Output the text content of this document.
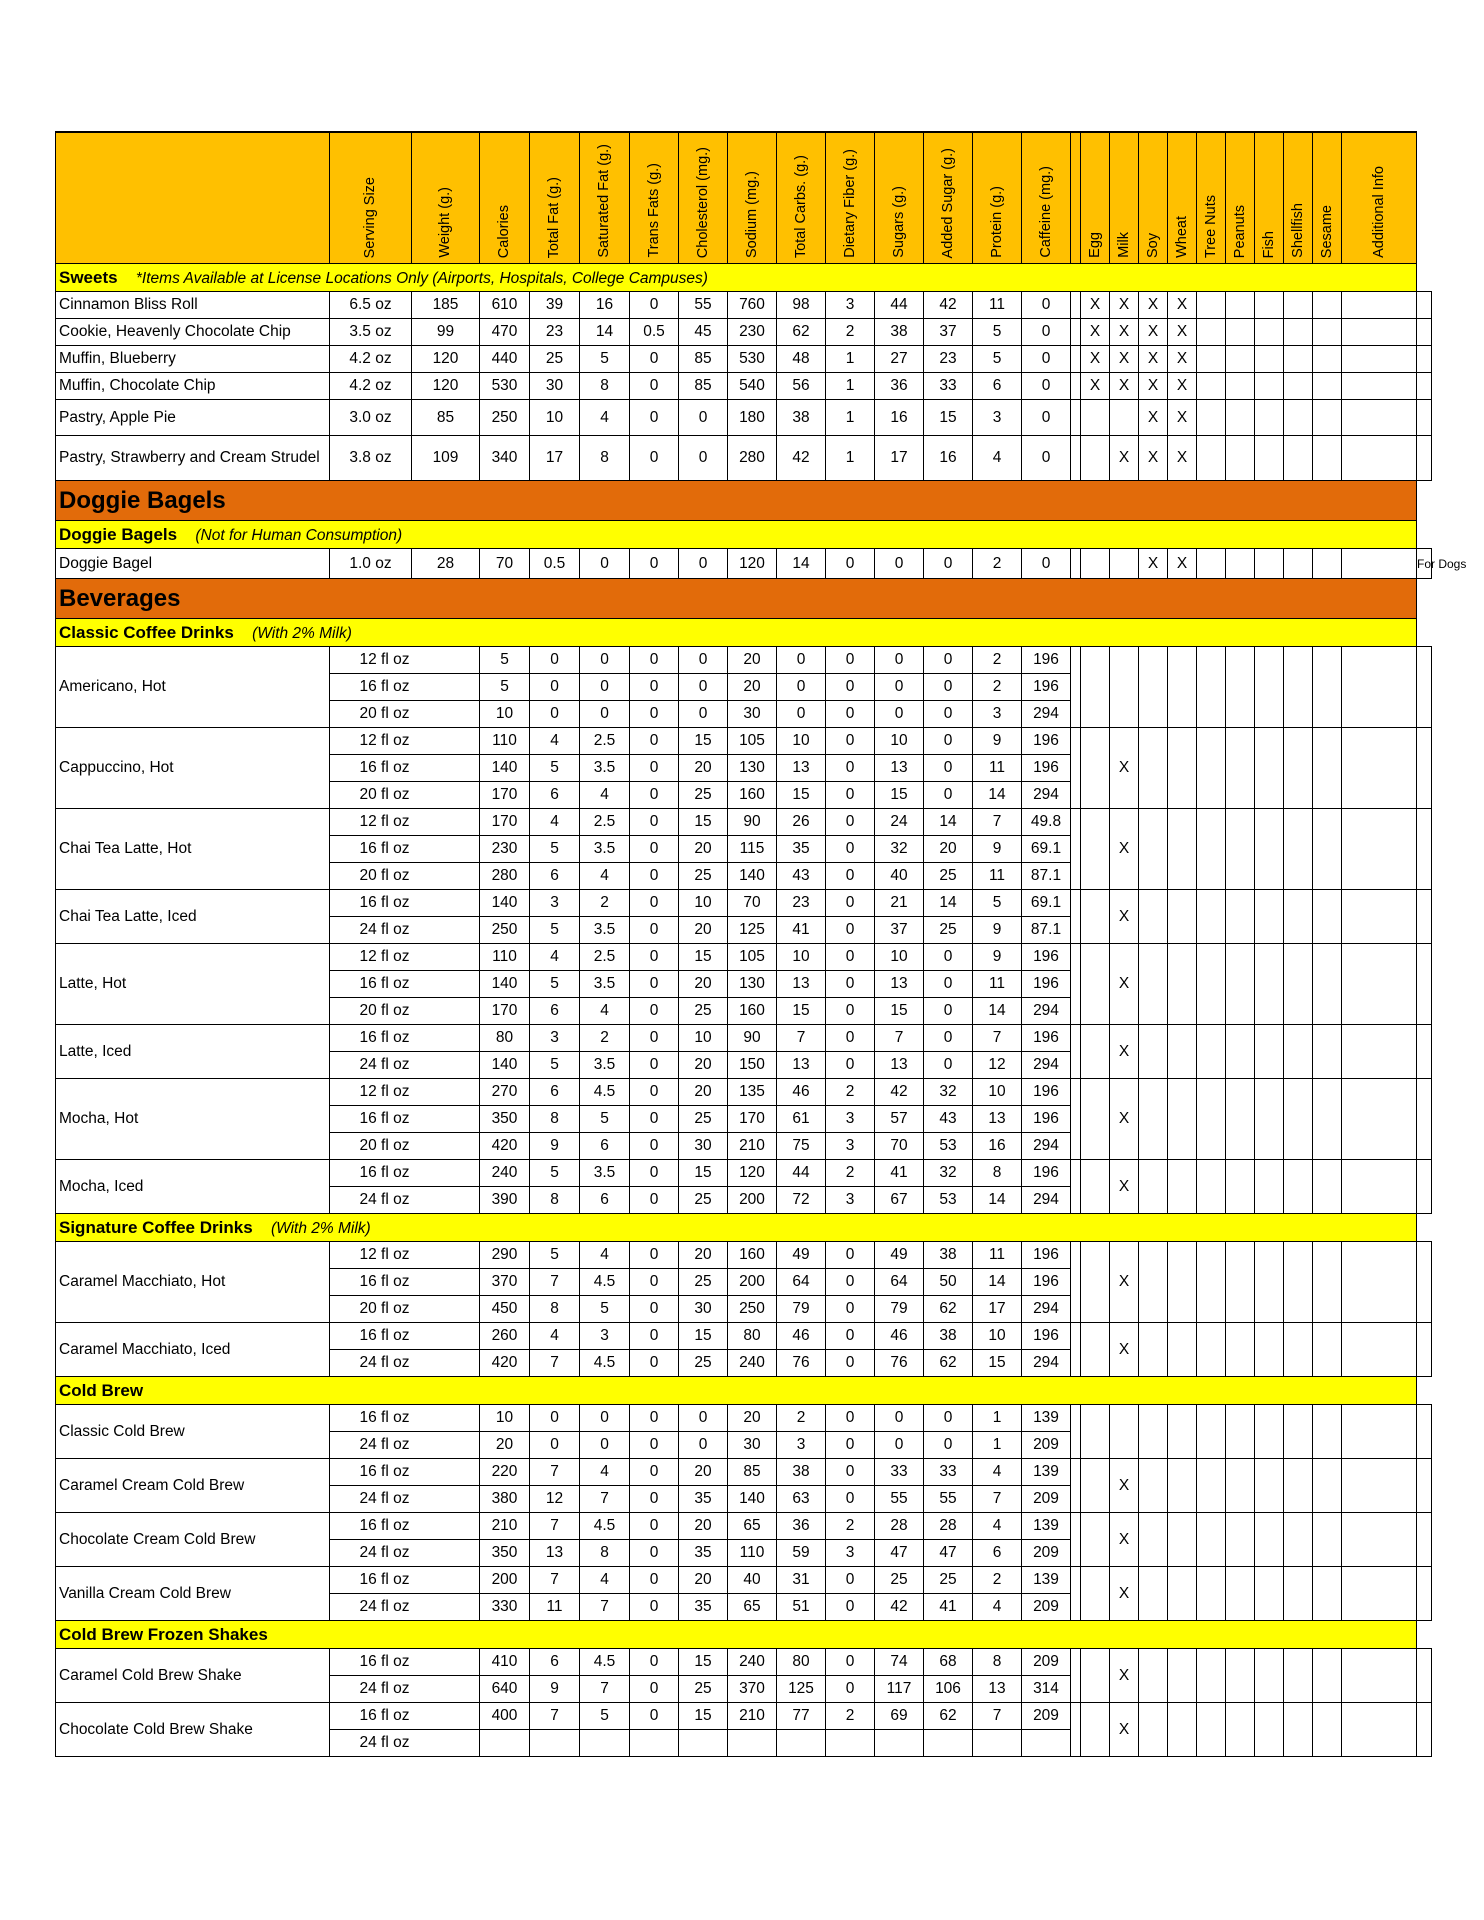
	Serving Size	Weight (g.)	Calories	Total Fat (g.)	Saturated Fat (g.)	Trans Fats (g.)	Cholesterol (mg.)	Sodium (mg.)	Total Carbs. (g.)	Dietary Fiber (g.)	Sugars (g.)	Added Sugar (g.)	Protein (g.)	Caffeine (mg.)		Egg	Milk	Soy	Wheat	Tree Nuts	Peanuts	Fish	Shellfish	Sesame	Additional Info	
Sweets *Items Available at License Locations Only (Airports, Hospitals, College Campuses)																										
Cinnamon Bliss Roll	6.5 oz	185	610	39	16	0	55	760	98	3	44	42	11	0		X	X	X	X							
Cookie, Heavenly Chocolate Chip	3.5 oz	99	470	23	14	0.5	45	230	62	2	38	37	5	0		X	X	X	X							
Muffin, Blueberry	4.2 oz	120	440	25	5	0	85	530	48	1	27	23	5	0		X	X	X	X							
Muffin, Chocolate Chip	4.2 oz	120	530	30	8	0	85	540	56	1	36	33	6	0		X	X	X	X							
Pastry, Apple Pie	3.0 oz	85	250	10	4	0	0	180	38	1	16	15	3	0				X	X							
Pastry, Strawberry and Cream Strudel	3.8 oz	109	340	17	8	0	0	280	42	1	17	16	4	0			X	X	X							
Doggie Bagels																										
Doggie Bagels (Not for Human Consumption)																										
Doggie Bagel	1.0 oz	28	70	0.5	0	0	0	120	14	0	0	0	2	0				X	X							For Dogs
Beverages																										
Classic Coffee Drinks (With 2% Milk)																										
Americano, Hot	12 fl oz		5	0	0	0	0	20	0	0	0	0	2	196												
	16 fl oz		5	0	0	0	0	20	0	0	0	0	2	196												
	20 fl oz		10	0	0	0	0	30	0	0	0	0	3	294												
Cappuccino, Hot	12 fl oz		110	4	2.5	0	15	105	10	0	10	0	9	196			X									
	16 fl oz		140	5	3.5	0	20	130	13	0	13	0	11	196												
	20 fl oz		170	6	4	0	25	160	15	0	15	0	14	294												
Chai Tea Latte, Hot	12 fl oz		170	4	2.5	0	15	90	26	0	24	14	7	49.8			X									
	16 fl oz		230	5	3.5	0	20	115	35	0	32	20	9	69.1												
	20 fl oz		280	6	4	0	25	140	43	0	40	25	11	87.1												
Chai Tea Latte, Iced	16 fl oz		140	3	2	0	10	70	23	0	21	14	5	69.1			X									
	24 fl oz		250	5	3.5	0	20	125	41	0	37	25	9	87.1												
Latte, Hot	12 fl oz		110	4	2.5	0	15	105	10	0	10	0	9	196			X									
	16 fl oz		140	5	3.5	0	20	130	13	0	13	0	11	196												
	20 fl oz		170	6	4	0	25	160	15	0	15	0	14	294												
Latte, Iced	16 fl oz		80	3	2	0	10	90	7	0	7	0	7	196			X									
	24 fl oz		140	5	3.5	0	20	150	13	0	13	0	12	294												
Mocha, Hot	12 fl oz		270	6	4.5	0	20	135	46	2	42	32	10	196			X									
	16 fl oz		350	8	5	0	25	170	61	3	57	43	13	196												
	20 fl oz		420	9	6	0	30	210	75	3	70	53	16	294												
Mocha, Iced	16 fl oz		240	5	3.5	0	15	120	44	2	41	32	8	196			X									
	24 fl oz		390	8	6	0	25	200	72	3	67	53	14	294												
Signature Coffee Drinks (With 2% Milk)																										
Caramel Macchiato, Hot	12 fl oz		290	5	4	0	20	160	49	0	49	38	11	196			X									
	16 fl oz		370	7	4.5	0	25	200	64	0	64	50	14	196												
	20 fl oz		450	8	5	0	30	250	79	0	79	62	17	294												
Caramel Macchiato, Iced	16 fl oz		260	4	3	0	15	80	46	0	46	38	10	196			X									
	24 fl oz		420	7	4.5	0	25	240	76	0	76	62	15	294												
Cold Brew																										
Classic Cold Brew	16 fl oz		10	0	0	0	0	20	2	0	0	0	1	139												
	24 fl oz		20	0	0	0	0	30	3	0	0	0	1	209												
Caramel Cream Cold Brew	16 fl oz		220	7	4	0	20	85	38	0	33	33	4	139			X									
	24 fl oz		380	12	7	0	35	140	63	0	55	55	7	209												
Chocolate Cream Cold Brew	16 fl oz		210	7	4.5	0	20	65	36	2	28	28	4	139			X									
	24 fl oz		350	13	8	0	35	110	59	3	47	47	6	209												
Vanilla Cream Cold Brew	16 fl oz		200	7	4	0	20	40	31	0	25	25	2	139			X									
	24 fl oz		330	11	7	0	35	65	51	0	42	41	4	209												
Cold Brew Frozen Shakes																										
Caramel Cold Brew Shake	16 fl oz		410	6	4.5	0	15	240	80	0	74	68	8	209			X									
	24 fl oz		640	9	7	0	25	370	125	0	117	106	13	314												
Chocolate Cold Brew Shake	16 fl oz		400	7	5	0	15	210	77	2	69	62	7	209			X									
	24 fl oz																									
